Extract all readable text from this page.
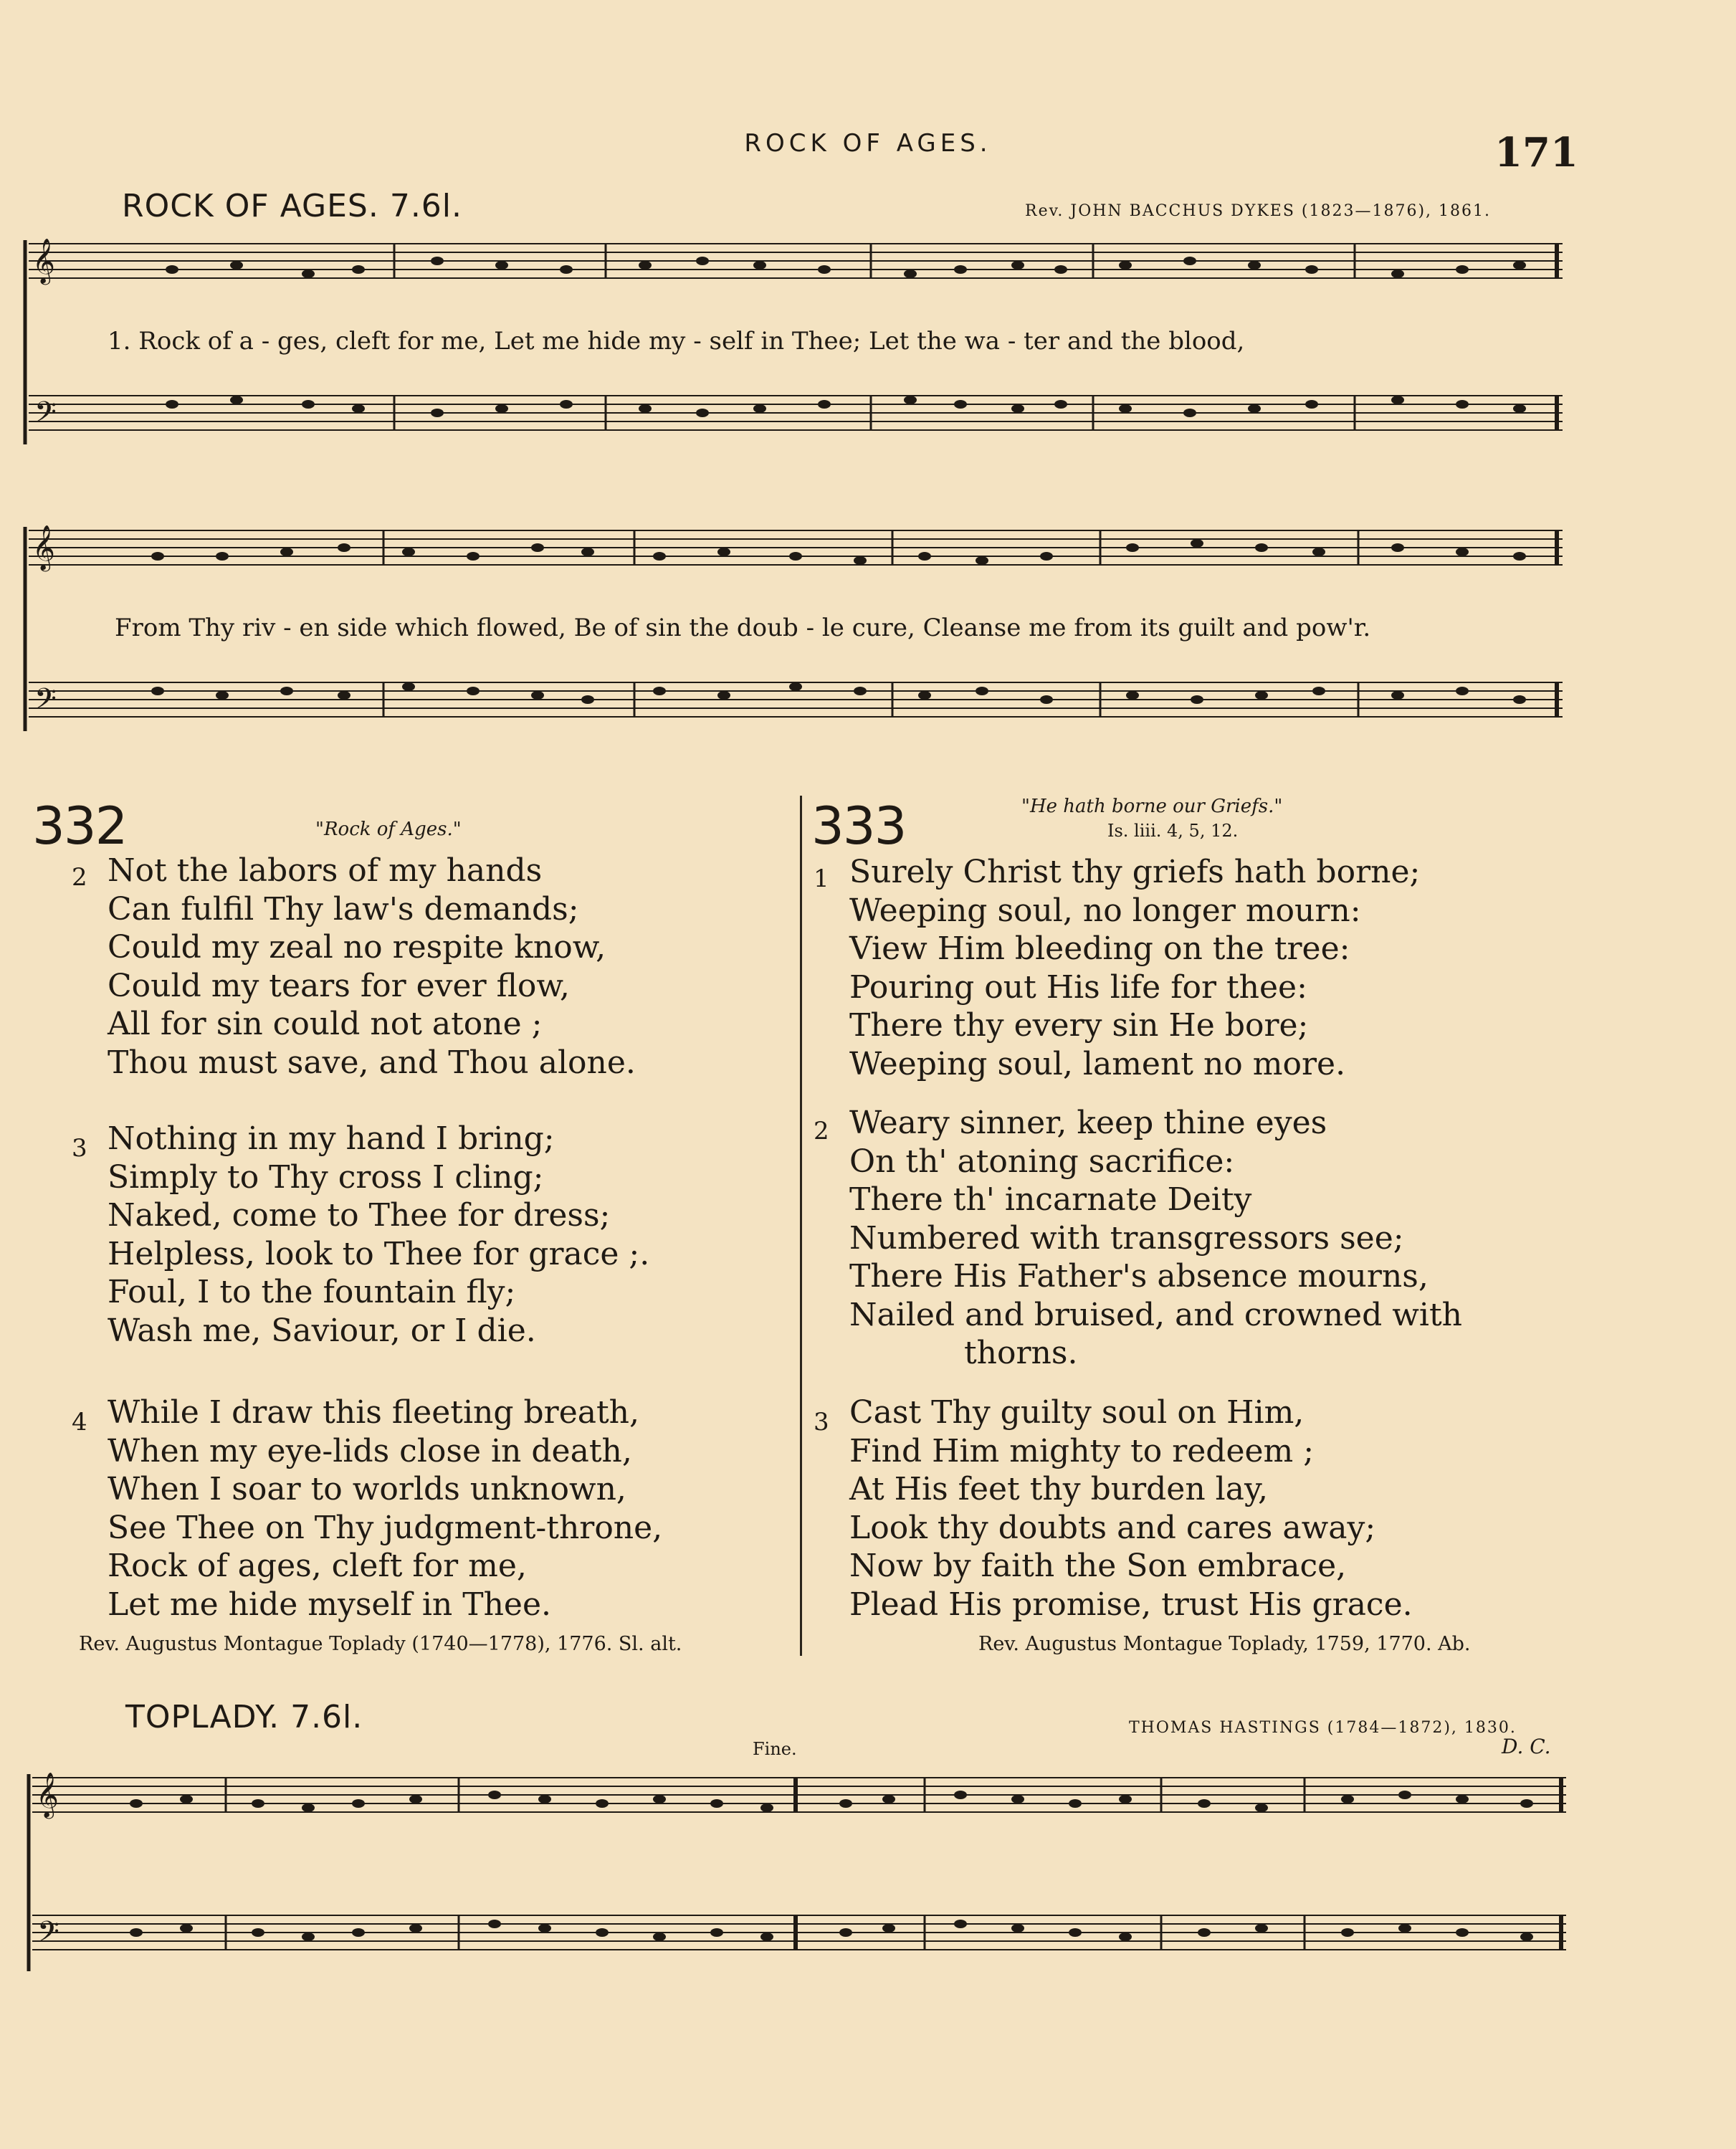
ROCK OF AGES.	171
ROCK OF AGES. 7.6l.	Rev. JOHN BACCHUS DYKES (1823—1876), 1861.
𝄞
𝄢
1. Rock of a - ges, cleft for me, Let me hide my - self in Thee; Let the wa - ter and the blood,
𝄞
𝄢
From Thy riv - en side which flowed, Be of sin the doub - le cure, Cleanse me from its guilt and pow'r.
332	"Rock of Ages."
2 Not the labors of my hands
Can fulfil Thy law's demands;
Could my zeal no respite know,
Could my tears for ever flow,
All for sin could not atone ;
Thou must save, and Thou alone.
3 Nothing in my hand I bring;
Simply to Thy cross I cling;
Naked, come to Thee for dress;
Helpless, look to Thee for grace ;.
Foul, I to the fountain fly;
Wash me, Saviour, or I die.
4 While I draw this fleeting breath,
When my eye-lids close in death,
When I soar to worlds unknown,
See Thee on Thy judgment-throne,
Rock of ages, cleft for me,
Let me hide myself in Thee.
Rev. Augustus Montague Toplady (1740—1778), 1776. Sl. alt.
333	"He hath borne our Griefs."
Is. liii. 4, 5, 12.
1 Surely Christ thy griefs hath borne;
Weeping soul, no longer mourn:
View Him bleeding on the tree:
Pouring out His life for thee:
There thy every sin He bore;
Weeping soul, lament no more.
2 Weary sinner, keep thine eyes
On th' atoning sacrifice:
There th' incarnate Deity
Numbered with transgressors see;
There His Father's absence mourns,
Nailed and bruised, and crowned with
thorns.
3 Cast Thy guilty soul on Him,
Find Him mighty to redeem ;
At His feet thy burden lay,
Look thy doubts and cares away;
Now by faith the Son embrace,
Plead His promise, trust His grace.
Rev. Augustus Montague Toplady, 1759, 1770. Ab.
TOPLADY. 7.6l.	THOMAS HASTINGS (1784—1872), 1830.
Fine.	D. C.
𝄞
𝄢
